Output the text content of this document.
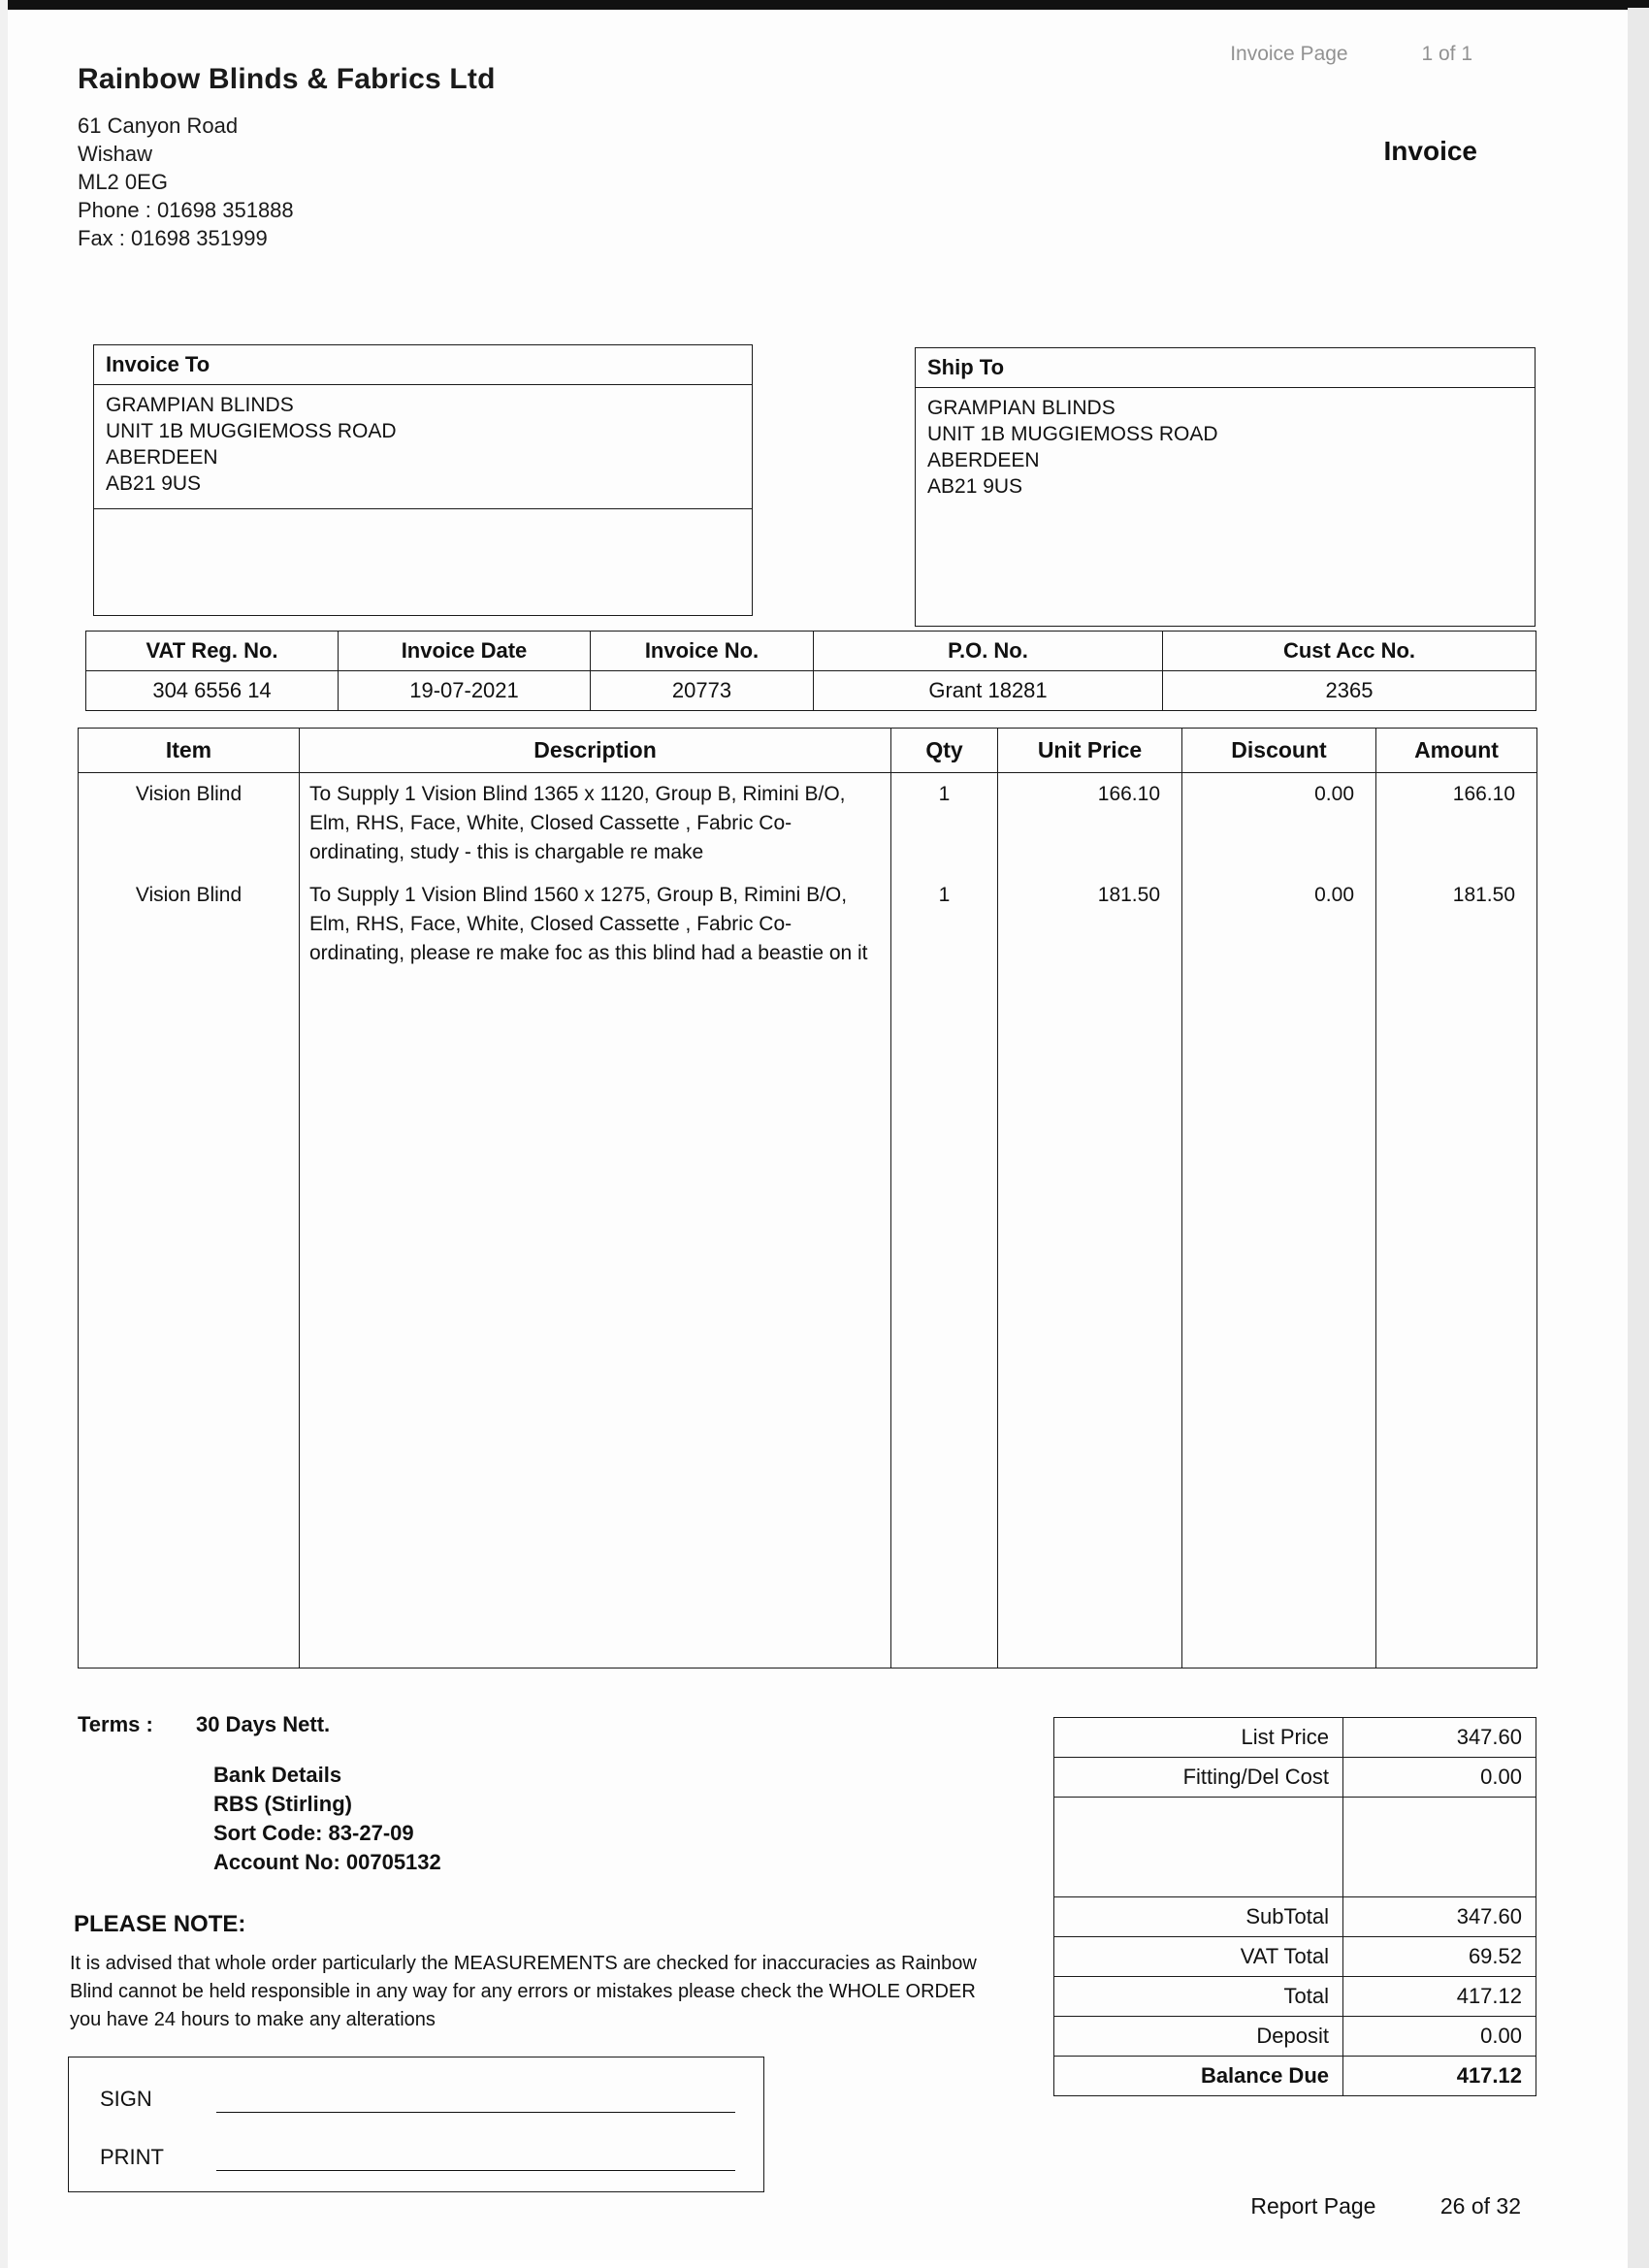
Rainbow Blinds & Fabrics Ltd
61 Canyon Road
Wishaw
ML2 0EG
Phone : 01698 351888
Fax : 01698 351999
Invoice Page	1 of 1
Invoice
Invoice To
GRAMPIAN BLINDS
UNIT 1B MUGGIEMOSS ROAD
ABERDEEN
AB21 9US
Ship To
GRAMPIAN BLINDS
UNIT 1B MUGGIEMOSS ROAD
ABERDEEN
AB21 9US
VAT Reg. No.	Invoice Date	Invoice No.	P.O. No.	Cust Acc No.
304 6556 14	19-07-2021	20773	Grant 18281	2365
Item	Description	Qty	Unit Price	Discount	Amount
Vision Blind	To Supply 1 Vision Blind 1365 x 1120, Group B, Rimini B/O, Elm, RHS, Face, White, Closed Cassette , Fabric Co-ordinating, study - this is chargable re make	1	166.10	0.00	166.10
Vision Blind	To Supply 1 Vision Blind 1560 x 1275, Group B, Rimini B/O, Elm, RHS, Face, White, Closed Cassette , Fabric Co-ordinating, please re make foc as this blind had a beastie on it	1	181.50	0.00	181.50

Terms : 30 Days Nett.
Bank Details
RBS (Stirling)
Sort Code: 83-27-09
Account No: 00705132
PLEASE NOTE:
It is advised that whole order particularly the MEASUREMENTS are checked for inaccuracies as Rainbow Blind cannot be held responsible in any way for any errors or mistakes please check the WHOLE ORDER you have 24 hours to make any alterations
SIGN
PRINT
List Price	347.60
Fitting/Del Cost	0.00

SubTotal	347.60
VAT Total	69.52
Total	417.12
Deposit	0.00
Balance Due	417.12
Report Page	26 of 32
